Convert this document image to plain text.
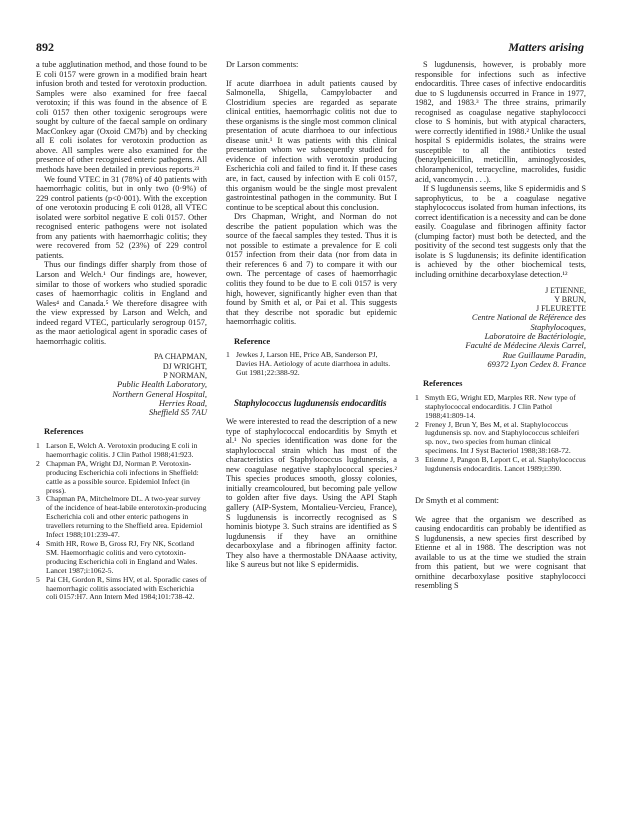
892	Matters arising

a tube agglutination method, and those found to be E coli 0157 were grown in a modified brain heart infusion broth and tested for verotoxin production. Samples were also examined for free faecal verotoxin; if this was found in the absence of E coli 0157 then other toxigenic serogroups were sought by culture of the faecal sample on ordinary MacConkey agar (Oxoid CM7b) and by checking all E coli isolates for verotoxin production as above. All samples were also examined for the presence of other recognised enteric pathogens. All methods have been detailed in previous reports.²³

We found VTEC in 31 (78%) of 40 patients with haemorrhagic colitis, but in only two (0·9%) of 229 control patients (p<0·001). With the exception of one verotoxin producing E coli 0128, all VTEC isolated were sorbitol negative E coli 0157. Other recognised enteric pathogens were not isolated from any patients with haemorrhagic colitis; they were recovered from 52 (23%) of 229 control patients.

Thus our findings differ sharply from those of Larson and Welch.¹ Our findings are, however, similar to those of workers who studied sporadic cases of haemorrhagic colitis in England and Wales⁴ and Canada.⁵ We therefore disagree with the view expressed by Larson and Welch, and indeed regard VTEC, particularly serogroup 0157, as the maor aetiological agent in sporadic cases of haemorrhagic colitis.

PA CHAPMAN,

DJ WRIGHT,

P NORMAN,

Public Health Laboratory,

Northern General Hospital,

Herries Road,

Sheffield S5 7AU

References

1 Larson E, Welch A. Verotoxin producing E coli in haemorrhagic colitis. J Clin Pathol 1988;41:923.
2 Chapman PA, Wright DJ, Norman P. Verotoxin-producing Escherichia coli infections in Sheffield: cattle as a possible source. Epidemiol Infect (in press).
3 Chapman PA, Mitchelmore DL. A two-year survey of the incidence of heat-labile enterotoxin-producing Escherichia coli and other enteric pathogens in travellers returning to the Sheffield area. Epidemiol Infect 1988;101:239-47.
4 Smith HR, Rowe B, Gross RJ, Fry NK, Scotland SM. Haemorrhagic colitis and vero cytotoxin-producing Escherichia coli in England and Wales. Lancet 1987;i:1062-5.
5 Pai CH, Gordon R, Sims HV, et al. Sporadic cases of haemorrhagic colitis associated with Escherichia coli 0157:H7. Ann Intern Med 1984;101:738-42.

Dr Larson comments:

If acute diarrhoea in adult patients caused by Salmonella, Shigella, Campylobacter and Clostridium species are regarded as separate clinical entities, haemorrhagic colitis not due to these organisms is the single most common clinical presentation of acute diarrhoea to our infectious disease unit.¹ It was patients with this clinical presentation whom we subsequently studied for evidence of infection with verotoxin producing Escherichia coli and failed to find it. If these cases are, in fact, caused by infection with E coli 0157, this organism would be the single most prevalent gastrointestinal pathogen in the community. But I continue to be sceptical about this conclusion.

Drs Chapman, Wright, and Norman do not describe the patient population which was the source of the faecal samples they tested. Thus it is not possible to estimate a prevalence for E coli 0157 infection from their data (nor from data in their references 6 and 7) to compare it with our own. The percentage of cases of haemorrhagic colitis they found to be due to E coli 0157 is very high, however, significantly higher even than that found by Smith et al, or Pai et al. This suggests that they describe not sporadic but epidemic haemorrhagic colitis.

Reference

1 Jewkes J, Larson HE, Price AB, Sanderson PJ, Davies HA. Aetiology of acute diarrhoea in adults. Gut 1981;22:388-92.

Staphylococcus lugdunensis endocarditis

We were interested to read the description of a new type of staphylococcal endocarditis by Smyth et al.¹ No species identification was done for the staphylococcal strain which has most of the characteristics of Staphylococcus lugdunensis, a new coagulase negative staphylococcal species.² This species produces smooth, glossy colonies, initially creamcoloured, but becoming pale yellow to golden after five days. Using the API Staph gallery (AIP-System, Montalieu-Vercieu, France), S lugdunensis is incorrectly recognised as S hominis biotype 3. Such strains are identified as S lugdunensis if they have an ornithine decarboxylase and a fibrinogen affinity factor. They also have a thermostable DNAaase activity, like S aureus but not like S epidermidis.

S lugdunensis, however, is probably more responsible for infections such as infective endocarditis. Three cases of infective endocarditis due to S lugdunensis occurred in France in 1977, 1982, and 1983.³ The three strains, primarily recognised as coagulase negative staphylococci close to S hominis, but with atypical characters, were correctly identified in 1988.² Unlike the usual hospital S epidermidis isolates, the strains were susceptible to all the antibiotics tested (benzylpenicillin, meticillin, aminoglycosides, chloramphenicol, tetracycline, macrolides, fusidic acid, vancomycin . . .).

If S lugdunensis seems, like S epidermidis and S saprophyticus, to be a coagulase negative staphylococcus isolated from human infections, its correct identification is a necessity and can be done easily. Coagulase and fibrinogen affinity factor (clumping factor) must both be detected, and the positivity of the second test suggests only that the isolate is S lugdunensis; its definite identification is achieved by the other biochemical tests, including ornithine decarboxylase detection.¹²

J ETIENNE,

Y BRUN,

J FLEURETTE

Centre National de Référence des Staphylocoques,

Laboratoire de Bactériologie,

Faculté de Médecine Alexis Carrel,

Rue Guillaume Paradin,

69372 Lyon Cedex 8. France

References

1 Smyth EG, Wright ED, Marples RR. New type of staphylococcal endocarditis. J Clin Pathol 1988;41:809-14.
2 Freney J, Brun Y, Bes M, et al. Staphylococcus lugdunensis sp. nov. and Staphylococcus schleiferi sp. nov., two species from human clinical specimens. Int J Syst Bacteriol 1988;38:168-72.
3 Etienne J, Pangon B, Leport C, et al. Staphylococcus lugdunensis endocarditis. Lancet 1989;i:390.

Dr Smyth et al comment:

We agree that the organism we described as causing endocarditis can probably be identified as S lugdunensis, a new species first described by Etienne et al in 1988. The description was not available to us at the time we studied the strain from this patient, but we were cognisant that ornithine decarboxylase positive staphylococci resembling S
